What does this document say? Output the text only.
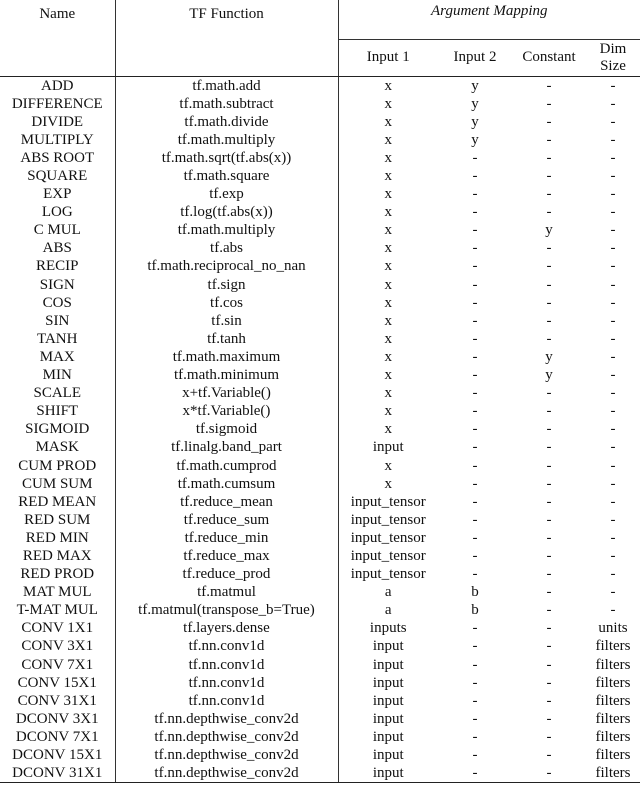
Name	TF Function	Argument Mapping			
		Input 1	Input 2	Constant	Dim
Size
ADD	tf.math.add	x	y	-	-
DIFFERENCE	tf.math.subtract	x	y	-	-
DIVIDE	tf.math.divide	x	y	-	-
MULTIPLY	tf.math.multiply	x	y	-	-
ABS ROOT	tf.math.sqrt(tf.abs(x))	x	-	-	-
SQUARE	tf.math.square	x	-	-	-
EXP	tf.exp	x	-	-	-
LOG	tf.log(tf.abs(x))	x	-	-	-
C MUL	tf.math.multiply	x	-	y	-
ABS	tf.abs	x	-	-	-
RECIP	tf.math.reciprocal_no_nan	x	-	-	-
SIGN	tf.sign	x	-	-	-
COS	tf.cos	x	-	-	-
SIN	tf.sin	x	-	-	-
TANH	tf.tanh	x	-	-	-
MAX	tf.math.maximum	x	-	y	-
MIN	tf.math.minimum	x	-	y	-
SCALE	x+tf.Variable()	x	-	-	-
SHIFT	x*tf.Variable()	x	-	-	-
SIGMOID	tf.sigmoid	x	-	-	-
MASK	tf.linalg.band_part	input	-	-	-
CUM PROD	tf.math.cumprod	x	-	-	-
CUM SUM	tf.math.cumsum	x	-	-	-
RED MEAN	tf.reduce_mean	input_tensor	-	-	-
RED SUM	tf.reduce_sum	input_tensor	-	-	-
RED MIN	tf.reduce_min	input_tensor	-	-	-
RED MAX	tf.reduce_max	input_tensor	-	-	-
RED PROD	tf.reduce_prod	input_tensor	-	-	-
MAT MUL	tf.matmul	a	b	-	-
T-MAT MUL	tf.matmul(transpose_b=True)	a	b	-	-
CONV 1X1	tf.layers.dense	inputs	-	-	units
CONV 3X1	tf.nn.conv1d	input	-	-	filters
CONV 7X1	tf.nn.conv1d	input	-	-	filters
CONV 15X1	tf.nn.conv1d	input	-	-	filters
CONV 31X1	tf.nn.conv1d	input	-	-	filters
DCONV 3X1	tf.nn.depthwise_conv2d	input	-	-	filters
DCONV 7X1	tf.nn.depthwise_conv2d	input	-	-	filters
DCONV 15X1	tf.nn.depthwise_conv2d	input	-	-	filters
DCONV 31X1	tf.nn.depthwise_conv2d	input	-	-	filters
